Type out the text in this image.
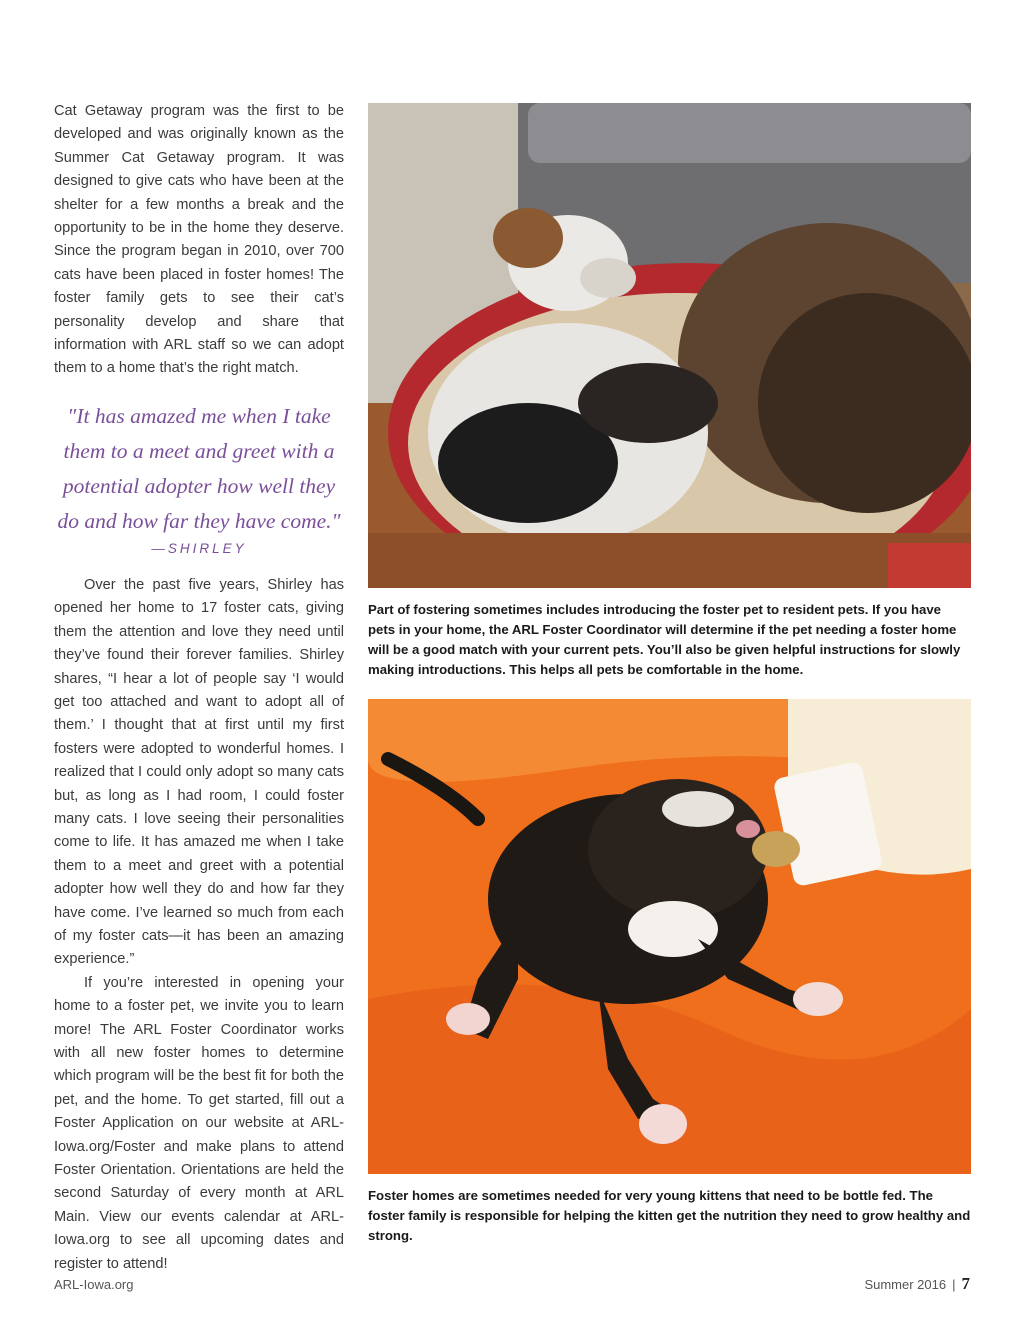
Cat Getaway program was the first to be developed and was originally known as the Summer Cat Getaway program. It was designed to give cats who have been at the shelter for a few months a break and the opportunity to be in the home they deserve. Since the program began in 2010, over 700 cats have been placed in foster homes! The foster family gets to see their cat’s personality develop and share that information with ARL staff so we can adopt them to a home that’s the right match.

"It has amazed me when I take them to a meet and greet with a potential adopter how well they do and how far they have come."

—SHIRLEY

Over the past five years, Shirley has opened her home to 17 foster cats, giving them the attention and love they need until they’ve found their forever families. Shirley shares, “I hear a lot of people say ‘I would get too attached and want to adopt all of them.’ I thought that at first until my first fosters were adopted to wonderful homes. I realized that I could only adopt so many cats but, as long as I had room, I could foster many cats. I love seeing their personalities come to life. It has amazed me when I take them to a meet and greet with a potential adopter how well they do and how far they have come. I’ve learned so much from each of my foster cats—it has been an amazing experience.”

If you’re interested in opening your home to a foster pet, we invite you to learn more! The ARL Foster Coordinator works with all new foster homes to determine which program will be the best fit for both the pet, and the home. To get started, fill out a Foster Application on our website at ARL-Iowa.org/Foster and make plans to attend Foster Orientation. Orientations are held the second Saturday of every month at ARL Main. View our events calendar at ARL-Iowa.org to see all upcoming dates and register to attend!

Part of fostering sometimes includes introducing the foster pet to resident pets. If you have pets in your home, the ARL Foster Coordinator will determine if the pet needing a foster home will be a good match with your current pets. You’ll also be given helpful instructions for slowly making introductions. This helps all pets be comfortable in the home.

Foster homes are sometimes needed for very young kittens that need to be bottle fed. The foster family is responsible for helping the kitten get the nutrition they need to grow healthy and strong.

ARL-Iowa.org	Summer 2016 | 7
